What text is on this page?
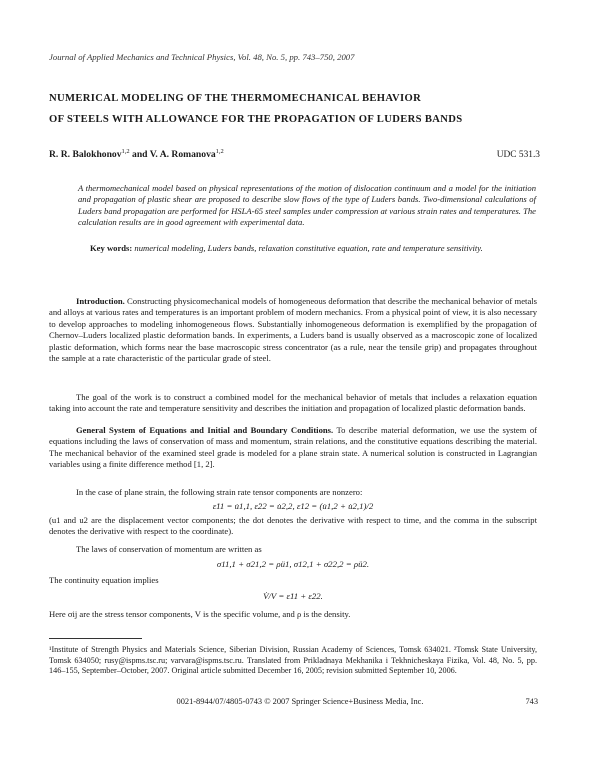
Journal of Applied Mechanics and Technical Physics, Vol. 48, No. 5, pp. 743–750, 2007
NUMERICAL MODELING OF THE THERMOMECHANICAL BEHAVIOR
OF STEELS WITH ALLOWANCE FOR THE PROPAGATION OF LUDERS BANDS
R. R. Balokhonov$^{1,2}$ and V. A. Romanova$^{1,2}$	UDC 531.3
A thermomechanical model based on physical representations of the motion of dislocation continuum and a model for the initiation and propagation of plastic shear are proposed to describe slow flows of the type of Luders bands. Two-dimensional calculations of Luders band propagation are performed for HSLA-65 steel samples under compression at various strain rates and temperatures. The calculation results are in good agreement with experimental data.
Key words: numerical modeling, Luders bands, relaxation constitutive equation, rate and temperature sensitivity.
Introduction. Constructing physicomechanical models of homogeneous deformation that describe the mechanical behavior of metals and alloys at various rates and temperatures is an important problem of modern mechanics. From a physical point of view, it is also necessary to develop approaches to modeling inhomogeneous flows. Substantially inhomogeneous deformation is exemplified by the propagation of Chernov–Luders localized plastic deformation bands. In experiments, a Luders band is usually observed as a macroscopic zone of localized plastic deformation, which forms near the base macroscopic stress concentrator (as a rule, near the tensile grip) and propagates throughout the sample at a rate characteristic of the particular grade of steel.
The goal of the work is to construct a combined model for the mechanical behavior of metals that includes a relaxation equation taking into account the rate and temperature sensitivity and describes the initiation and propagation of localized plastic deformation bands.
General System of Equations and Initial and Boundary Conditions. To describe material deformation, we use the system of equations including the laws of conservation of mass and momentum, strain relations, and the constitutive equations describing the material. The mechanical behavior of the examined steel grade is modeled for a plane strain state. A numerical solution is constructed in Lagrangian variables using a finite difference method [1, 2].
In the case of plane strain, the following strain rate tensor components are nonzero:
ε̇11 = u̇1,1, ε̇22 = u̇2,2, ε̇12 = (u̇1,2 + u̇2,1)/2
(u1 and u2 are the displacement vector components; the dot denotes the derivative with respect to time, and the comma in the subscript denotes the derivative with respect to the coordinate).
The laws of conservation of momentum are written as
σ11,1 + σ21,2 = ρü1, σ12,1 + σ22,2 = ρü2.
The continuity equation implies
V̇/V = ε̇11 + ε̇22.
Here σij are the stress tensor components, V is the specific volume, and ρ is the density.
¹Institute of Strength Physics and Materials Science, Siberian Division, Russian Academy of Sciences, Tomsk 634021. ²Tomsk State University, Tomsk 634050; rusy@ispms.tsc.ru; varvara@ispms.tsc.ru. Translated from Prikladnaya Mekhanika i Tekhnicheskaya Fizika, Vol. 48, No. 5, pp. 146–155, September–October, 2007. Original article submitted December 16, 2005; revision submitted September 10, 2006.
0021-8944/07/4805-0743 © 2007 Springer Science+Business Media, Inc.	743
